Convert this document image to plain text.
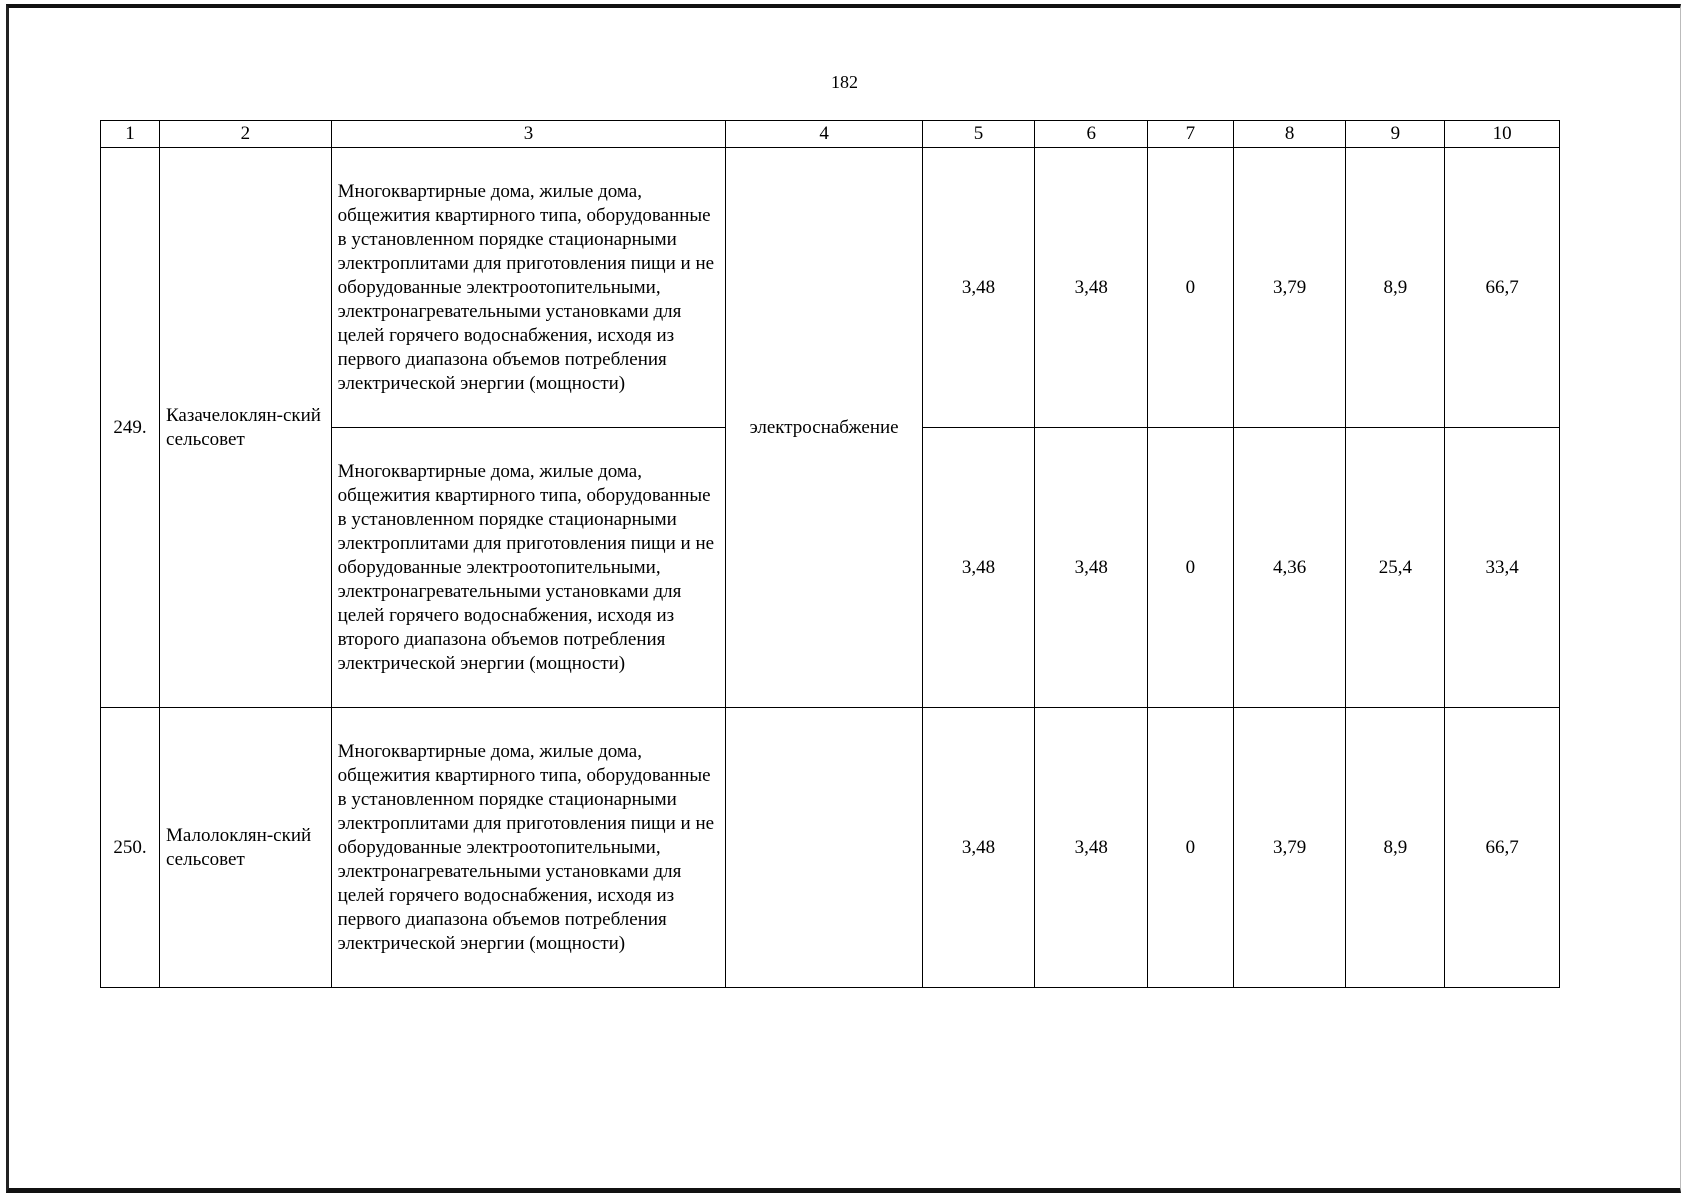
182
1	2	3	4	5	6	7	8	9	10
249.	Казачелоклян-ский сельсовет	Многоквартирные дома, жилые дома, общежития квартирного типа, оборудованные в установленном порядке стационарными электроплитами для приготовления пищи и не оборудованные электроотопительными, электронагревательными установками для целей горячего водоснабжения, исходя из первого диапазона объемов потребления электрической энергии (мощности)	электроснабжение	3,48	3,48	0	3,79	8,9	66,7
		Многоквартирные дома, жилые дома, общежития квартирного типа, оборудованные в установленном порядке стационарными электроплитами для приготовления пищи и не оборудованные электроотопительными, электронагревательными установками для целей горячего водоснабжения, исходя из второго диапазона объемов потребления электрической энергии (мощности)		3,48	3,48	0	4,36	25,4	33,4
250.	Малолоклян-ский сельсовет	Многоквартирные дома, жилые дома, общежития квартирного типа, оборудованные в установленном порядке стационарными электроплитами для приготовления пищи и не оборудованные электроотопительными, электронагревательными установками для целей горячего водоснабжения, исходя из первого диапазона объемов потребления электрической энергии (мощности)		3,48	3,48	0	3,79	8,9	66,7
